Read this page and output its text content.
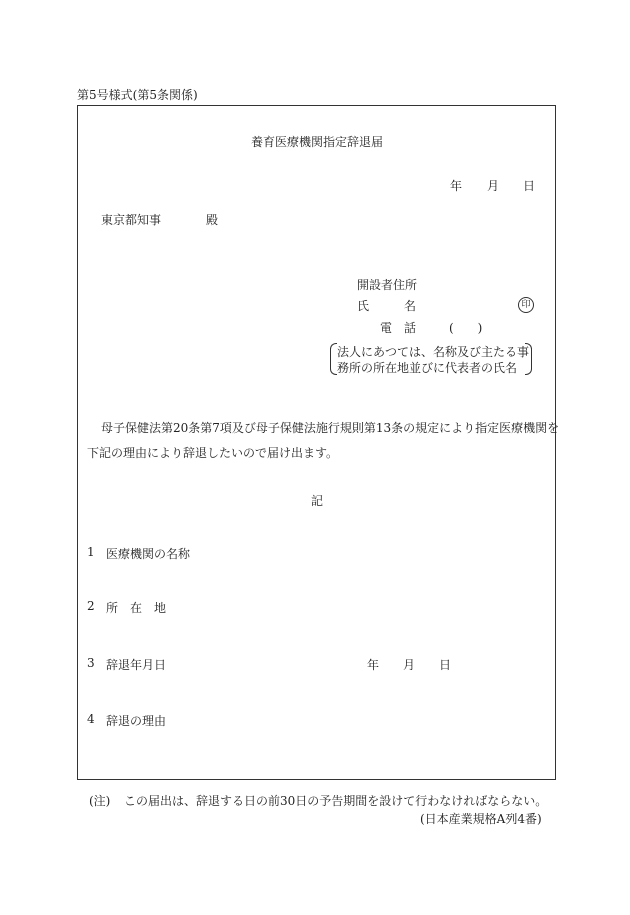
第5号様式(第5条関係)
養育医療機関指定辞退届
年 月 日
東京都知事	殿
開設者住所
氏	名	印
電　話	(　　)
法人にあつては、名称及び主たる事
務所の所在地並びに代表者の氏名
母子保健法第20条第7項及び母子保健法施行規則第13条の規定により指定医療機関を
下記の理由により辞退したいので届け出ます。
記
1 医療機関の名称
2 所　在　地
3 辞退年月日	年 月 日
4 辞退の理由
(注) この届出は、辞退する日の前30日の予告期間を設けて行わなければならない。
(日本産業規格A列4番)
